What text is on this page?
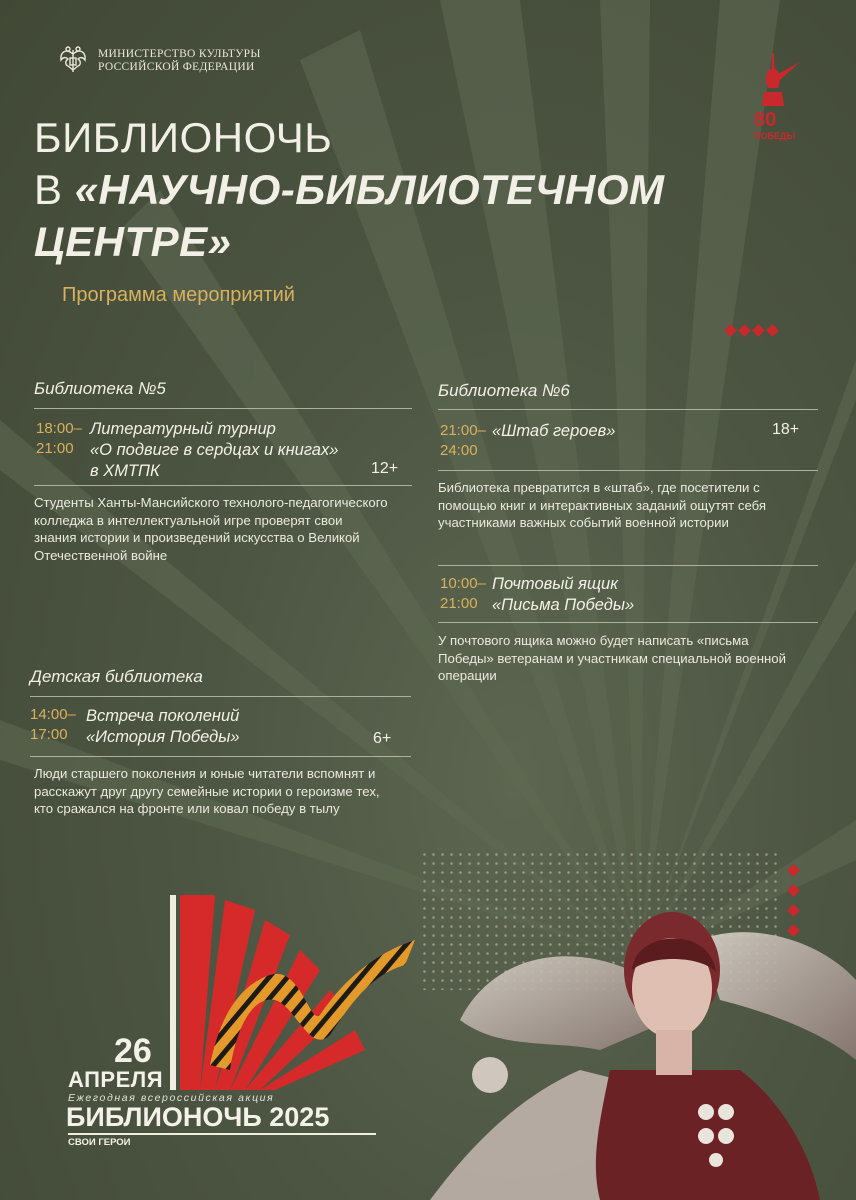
МИНИСТЕРСТВО КУЛЬТУРЫ
РОССИЙСКОЙ ФЕДЕРАЦИИ
80
ПОБЕДЫ
БИБЛИОНОЧЬ
В «НАУЧНО-БИБЛИОТЕЧНОМ
ЦЕНТРЕ»
Программа мероприятий
Библиотека №5
18:00–
21:00
Литературный турнир
«О подвиге в сердцах и книгах»
в ХМТПК	12+
Студенты Ханты-Мансийского технолого-педагогического
колледжа в интеллектуальной игре проверят свои
знания истории и произведений искусства о Великой
Отечественной войне
Библиотека №6
21:00–
24:00
«Штаб героев»	18+
Библиотека превратится в «штаб», где посетители с
помощью книг и интерактивных заданий ощутят себя
участниками важных событий военной истории
10:00–
21:00
Почтовый ящик
«Письма Победы»
У почтового ящика можно будет написать «письма
Победы» ветеранам и участникам специальной военной
операции
Детская библиотека
14:00–
17:00
Встреча поколений
«История Победы»	6+
Люди старшего поколения и юные читатели вспомнят и
расскажут друг другу семейные истории о героизме тех,
кто сражался на фронте или ковал победу в тылу
26
АПРЕЛЯ
Ежегодная всероссийская акция
БИБЛИОНОЧЬ 2025
СВОИ ГЕРОИ
